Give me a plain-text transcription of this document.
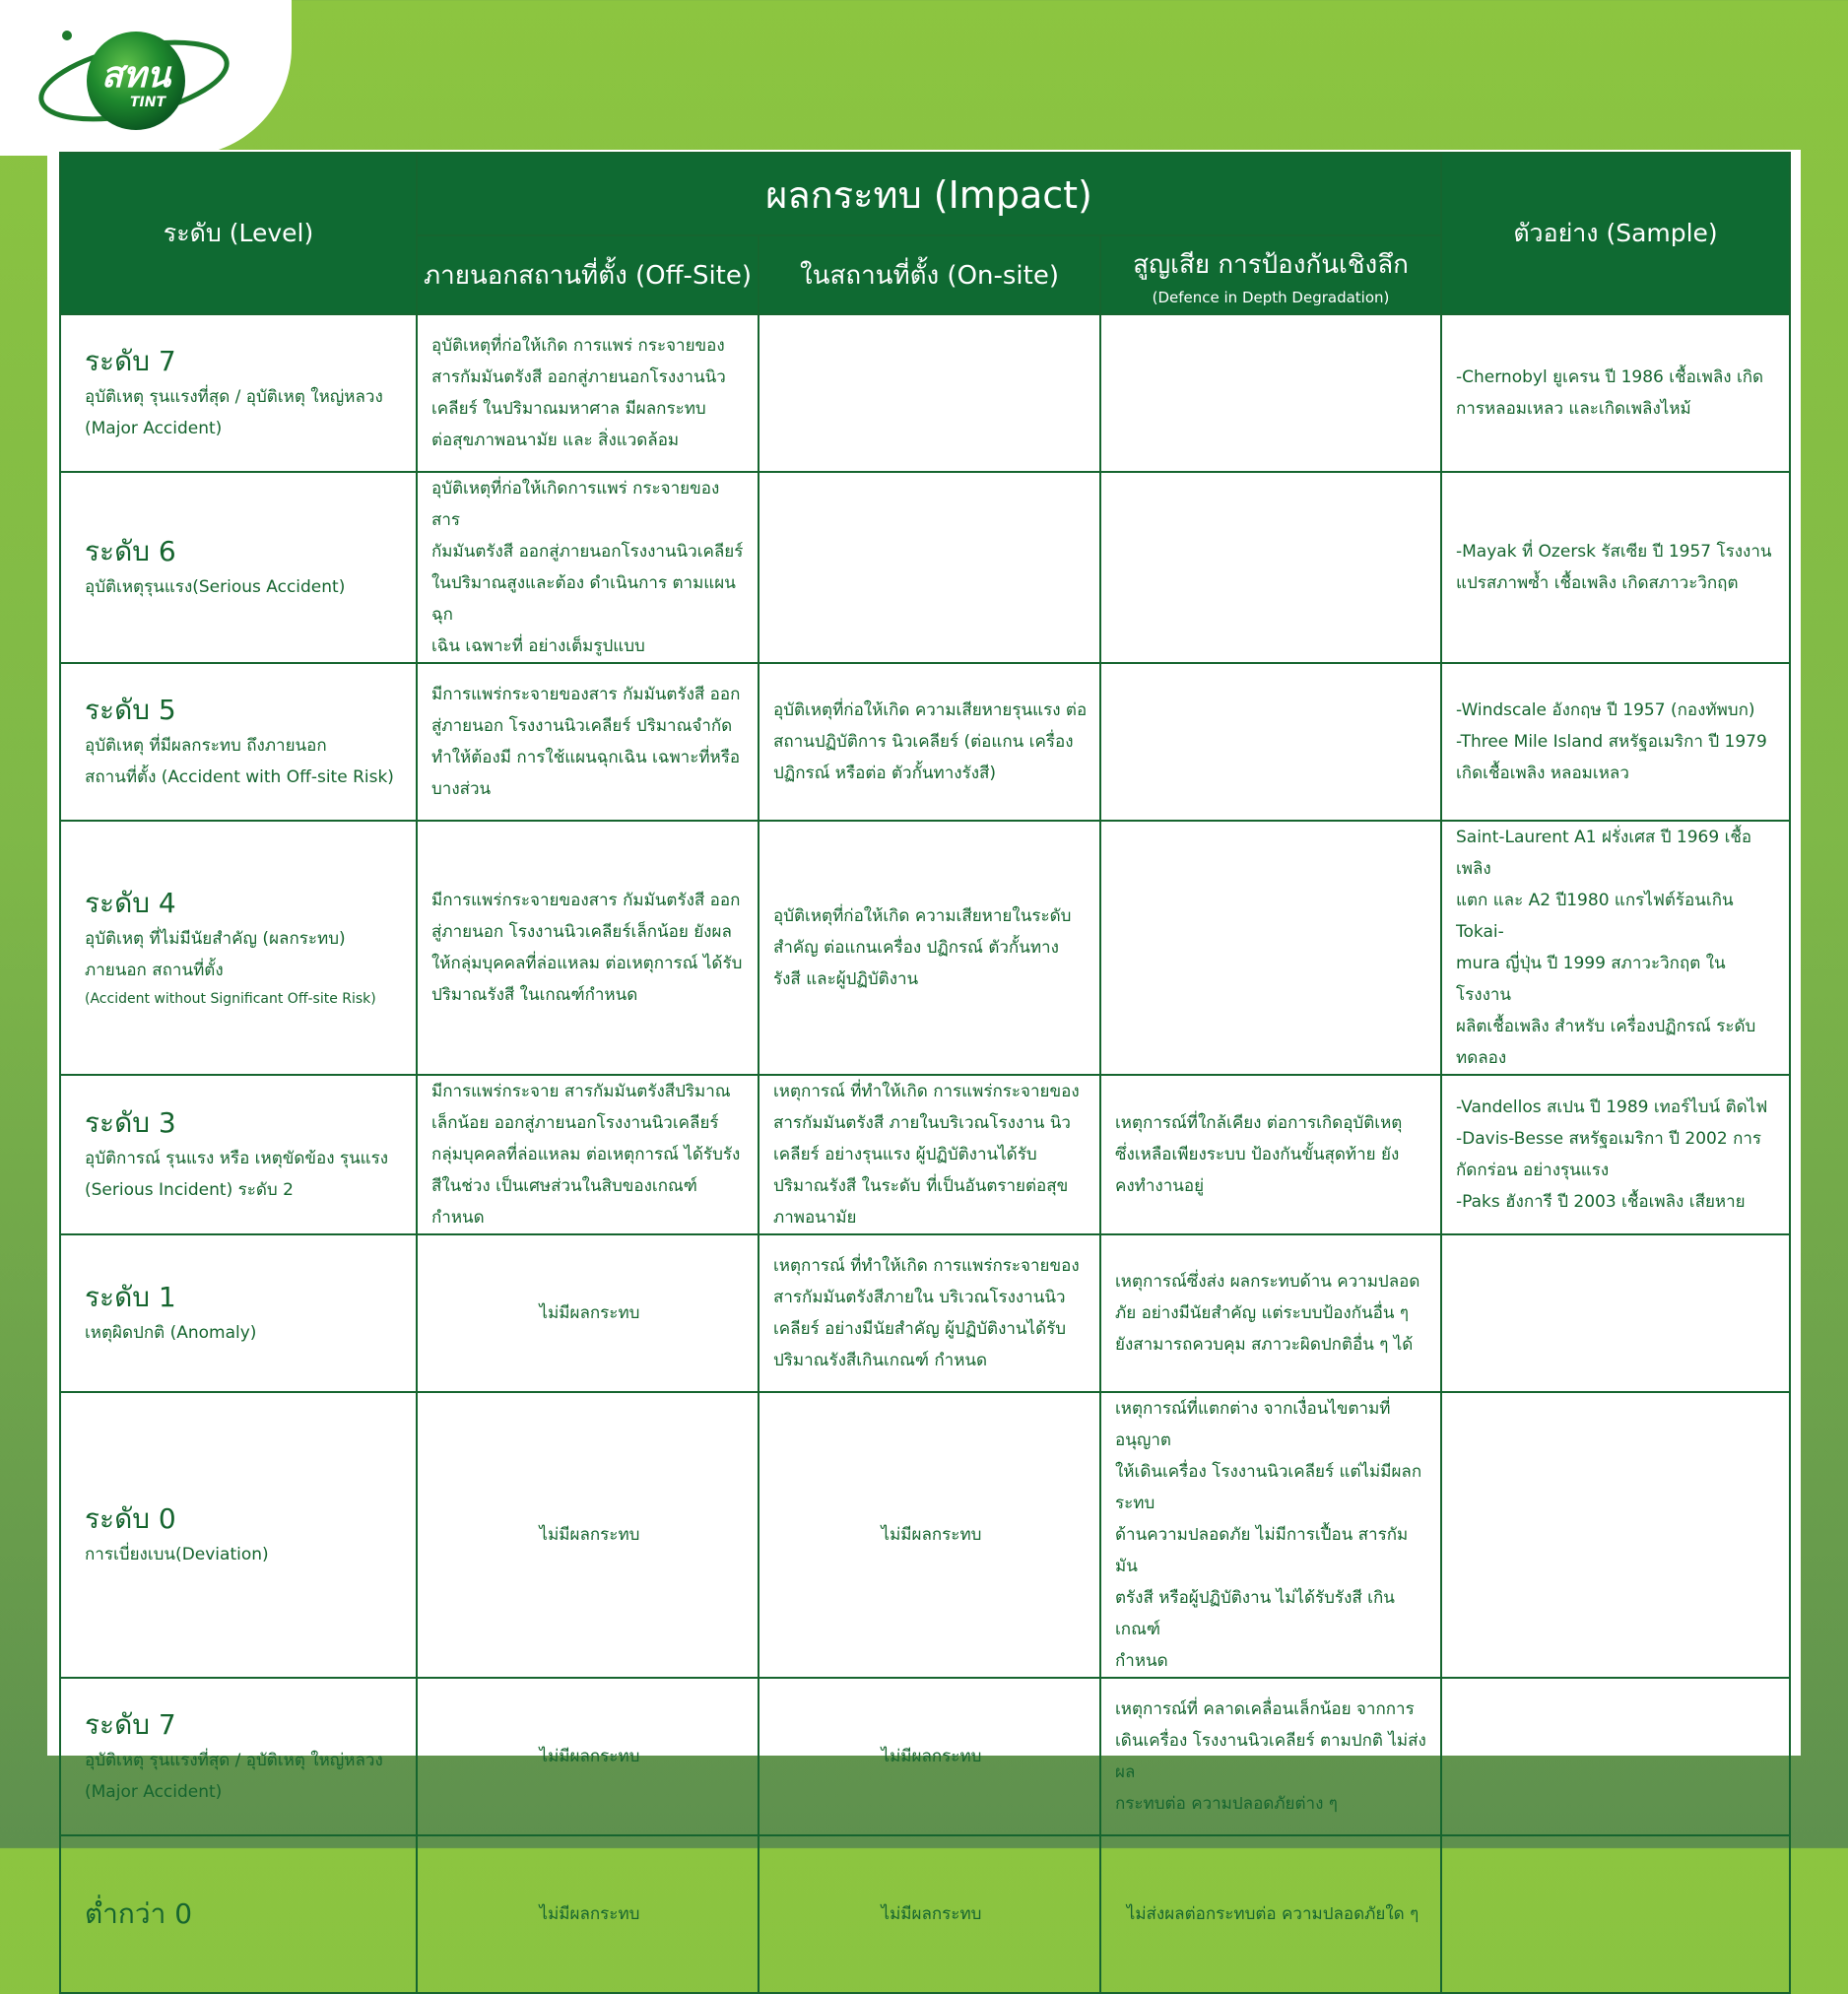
สทน
TINT
ระดับ (Level)	ผลกระทบ (Impact)			ตัวอย่าง (Sample)
	ภายนอกสถานที่ตั้ง (Off-Site)	ในสถานที่ตั้ง (On-site)	สูญเสีย การป้องกันเชิงลึก
(Defence in Depth Degradation)	

ระดับ 7
อุบัติเหตุ รุนแรงที่สุด / อุบัติเหตุ ใหญ่หลวง
(Major Accident)	อุบัติเหตุที่ก่อให้เกิด การแพร่ กระจายของ
สารกัมมันตรังสี ออกสู่ภายนอกโรงงานนิว
เคลียร์ ในปริมาณมหาศาล มีผลกระทบ
ต่อสุขภาพอนามัย และ สิ่งแวดล้อม			-Chernobyl ยูเครน ปี 1986 เชื้อเพลิง เกิด
การหลอมเหลว และเกิดเพลิงไหม้

ระดับ 6
อุบัติเหตุรุนแรง(Serious Accident)	อุบัติเหตุที่ก่อให้เกิดการแพร่ กระจายของสาร
กัมมันตรังสี ออกสู่ภายนอกโรงงานนิวเคลียร์
ในปริมาณสูงและต้อง ดำเนินการ ตามแผนฉุก
เฉิน เฉพาะที่ อย่างเต็มรูปแบบ			-Mayak ที่ Ozersk รัสเซีย ปี 1957 โรงงาน
แปรสภาพซ้ำ เชื้อเพลิง เกิดสภาวะวิกฤต

ระดับ 5
อุบัติเหตุ ที่มีผลกระทบ ถึงภายนอก
สถานที่ตั้ง (Accident with Off-site Risk)	มีการแพร่กระจายของสาร กัมมันตรังสี ออก
สู่ภายนอก โรงงานนิวเคลียร์ ปริมาณจำกัด
ทำให้ต้องมี การใช้แผนฉุกเฉิน เฉพาะที่หรือ
บางส่วน	อุบัติเหตุที่ก่อให้เกิด ความเสียหายรุนแรง ต่อ
สถานปฏิบัติการ นิวเคลียร์ (ต่อแกน เครื่อง
ปฏิกรณ์ หรือต่อ ตัวกั้นทางรังสี)		-Windscale อังกฤษ ปี 1957 (กองทัพบก)
-Three Mile Island สหรัฐอเมริกา ปี 1979
เกิดเชื้อเพลิง หลอมเหลว

ระดับ 4
อุบัติเหตุ ที่ไม่มีนัยสำคัญ (ผลกระทบ)
ภายนอก สถานที่ตั้ง
(Accident without Significant Off-site Risk)	มีการแพร่กระจายของสาร กัมมันตรังสี ออก
สู่ภายนอก โรงงานนิวเคลียร์เล็กน้อย ยังผล
ให้กลุ่มบุคคลที่ล่อแหลม ต่อเหตุการณ์ ได้รับ
ปริมาณรังสี ในเกณฑ์กำหนด	อุบัติเหตุที่ก่อให้เกิด ความเสียหายในระดับ
สำคัญ ต่อแกนเครื่อง ปฏิกรณ์ ตัวกั้นทาง
รังสี และผู้ปฏิบัติงาน		Saint-Laurent A1 ฝรั่งเศส ปี 1969 เชื้อเพลิง
แตก และ A2 ปี1980 แกรไฟต์ร้อนเกิน Tokai-
mura ญี่ปุ่น ปี 1999 สภาวะวิกฤต ในโรงงาน
ผลิตเชื้อเพลิง สำหรับ เครื่องปฏิกรณ์ ระดับ
ทดลอง

ระดับ 3
อุบัติการณ์ รุนแรง หรือ เหตุขัดข้อง รุนแรง
(Serious Incident) ระดับ 2	มีการแพร่กระจาย สารกัมมันตรังสีปริมาณ
เล็กน้อย ออกสู่ภายนอกโรงงานนิวเคลียร์
กลุ่มบุคคลที่ล่อแหลม ต่อเหตุการณ์ ได้รับรัง
สีในช่วง เป็นเศษส่วนในสิบของเกณฑ์กำหนด	เหตุการณ์ ที่ทำให้เกิด การแพร่กระจายของ
สารกัมมันตรังสี ภายในบริเวณโรงงาน นิว
เคลียร์ อย่างรุนแรง ผู้ปฏิบัติงานได้รับ
ปริมาณรังสี ในระดับ ที่เป็นอันตรายต่อสุข
ภาพอนามัย	เหตุการณ์ที่ใกล้เคียง ต่อการเกิดอุบัติเหตุ
ซึ่งเหลือเพียงระบบ ป้องกันขั้นสุดท้าย ยัง
คงทำงานอยู่	-Vandellos สเปน ปี 1989 เทอร์ไบน์ ติดไฟ
-Davis-Besse สหรัฐอเมริกา ปี 2002 การ
กัดกร่อน อย่างรุนแรง
-Paks ฮังการี ปี 2003 เชื้อเพลิง เสียหาย

ระดับ 1
เหตุผิดปกติ (Anomaly)	ไม่มีผลกระทบ	เหตุการณ์ ที่ทำให้เกิด การแพร่กระจายของ
สารกัมมันตรังสีภายใน บริเวณโรงงานนิว
เคลียร์ อย่างมีนัยสำคัญ ผู้ปฏิบัติงานได้รับ
ปริมาณรังสีเกินเกณฑ์ กำหนด	เหตุการณ์ซึ่งส่ง ผลกระทบด้าน ความปลอด
ภัย อย่างมีนัยสำคัญ แต่ระบบป้องกันอื่น ๆ
ยังสามารถควบคุม สภาวะผิดปกติอื่น ๆ ได้	

ระดับ 0
การเบี่ยงเบน(Deviation)	ไม่มีผลกระทบ	ไม่มีผลกระทบ	เหตุการณ์ที่แตกต่าง จากเงื่อนไขตามที่อนุญาต
ให้เดินเครื่อง โรงงานนิวเคลียร์ แต่ไม่มีผลกระทบ
ด้านความปลอดภัย ไม่มีการเปื้อน สารกัมมัน
ตรังสี หรือผู้ปฏิบัติงาน ไม่ได้รับรังสี เกินเกณฑ์
กำหนด	

ระดับ 7
อุบัติเหตุ รุนแรงที่สุด / อุบัติเหตุ ใหญ่หลวง
(Major Accident)	ไม่มีผลกระทบ	ไม่มีผลกระทบ	เหตุการณ์ที่ คลาดเคลื่อนเล็กน้อย จากการ
เดินเครื่อง โรงงานนิวเคลียร์ ตามปกติ ไม่ส่งผล
กระทบต่อ ความปลอดภัยต่าง ๆ	

ต่ำกว่า 0	ไม่มีผลกระทบ	ไม่มีผลกระทบ	ไม่ส่งผลต่อกระทบต่อ ความปลอดภัยใด ๆ	
